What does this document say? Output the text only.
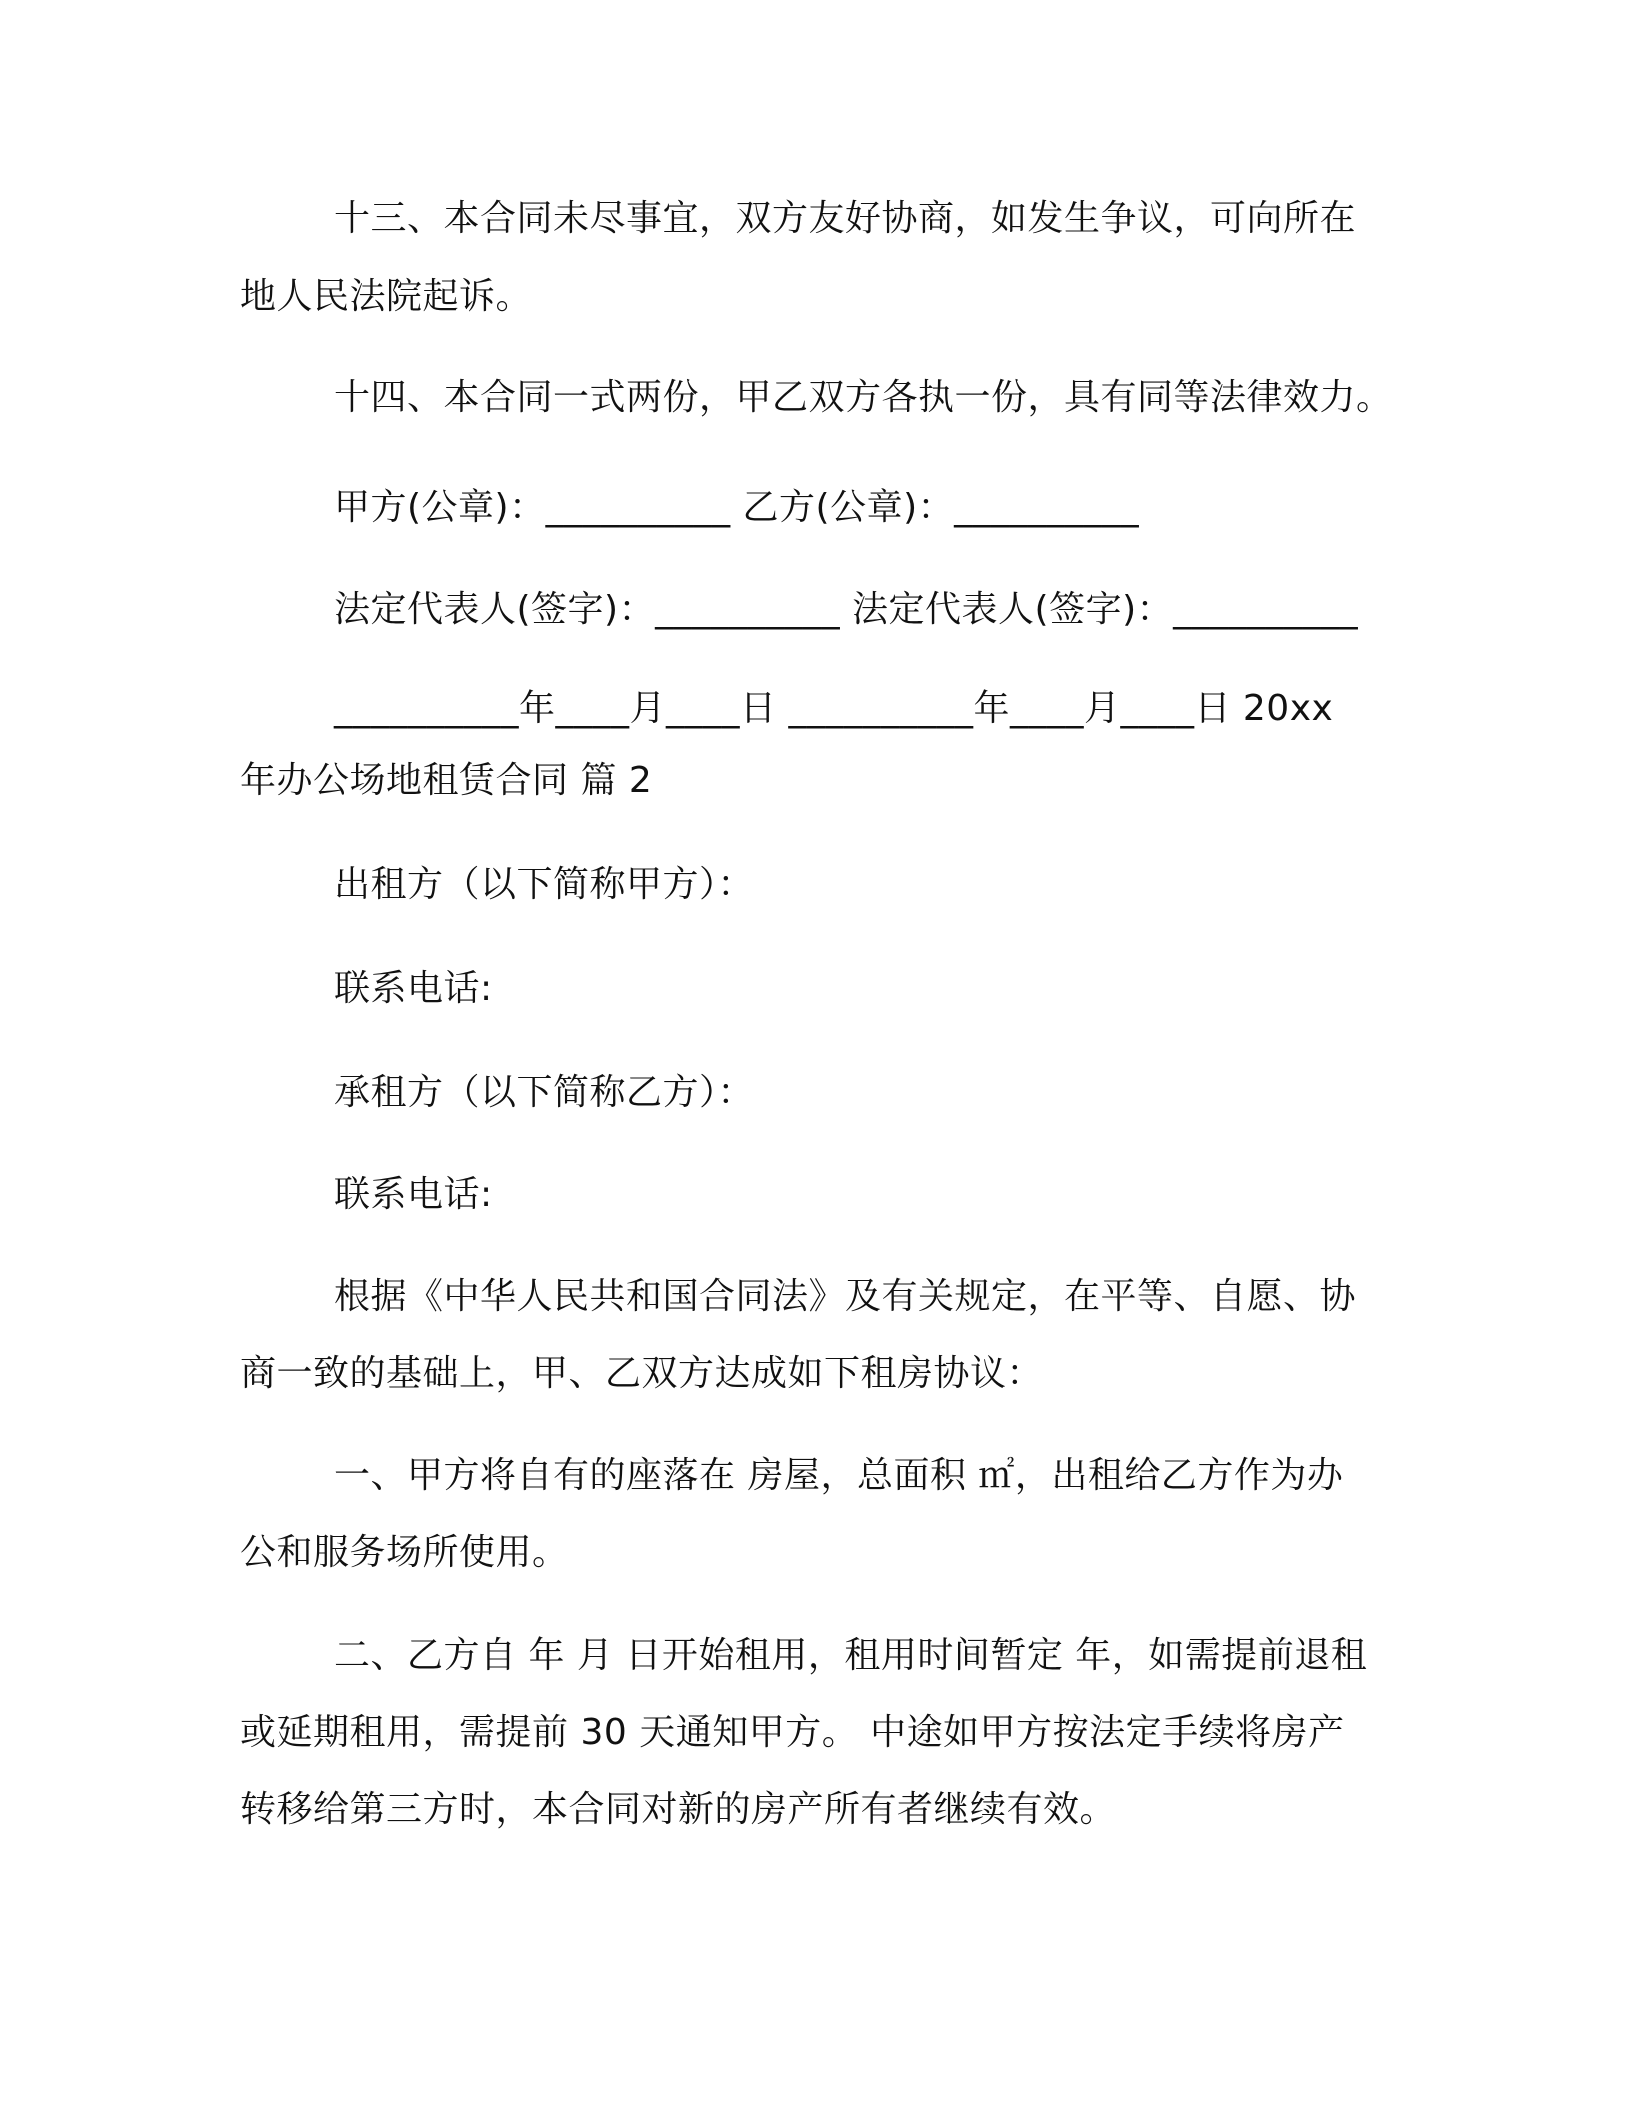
十三、本合同未尽事宜，双方友好协商，如发生争议，可向所在
地人民法院起诉。
十四、本合同一式两份，甲乙双方各执一份，具有同等法律效力。
甲方(公章)：__________ 乙方(公章)：__________
法定代表人(签字)：__________ 法定代表人(签字)：__________
__________年____月____日 __________年____月____日 20xx
年办公场地租赁合同 篇 2
出租方（以下简称甲方）：
联系电话:
承租方（以下简称乙方）：
联系电话:
根据《中华人民共和国合同法》及有关规定，在平等、自愿、协
商一致的基础上，甲、乙双方达成如下租房协议：
一、甲方将自有的座落在 房屋，总面积 ㎡，出租给乙方作为办
公和服务场所使用。
二、乙方自 年 月 日开始租用，租用时间暂定 年，如需提前退租
或延期租用，需提前 30 天通知甲方。 中途如甲方按法定手续将房产
转移给第三方时，本合同对新的房产所有者继续有效。
